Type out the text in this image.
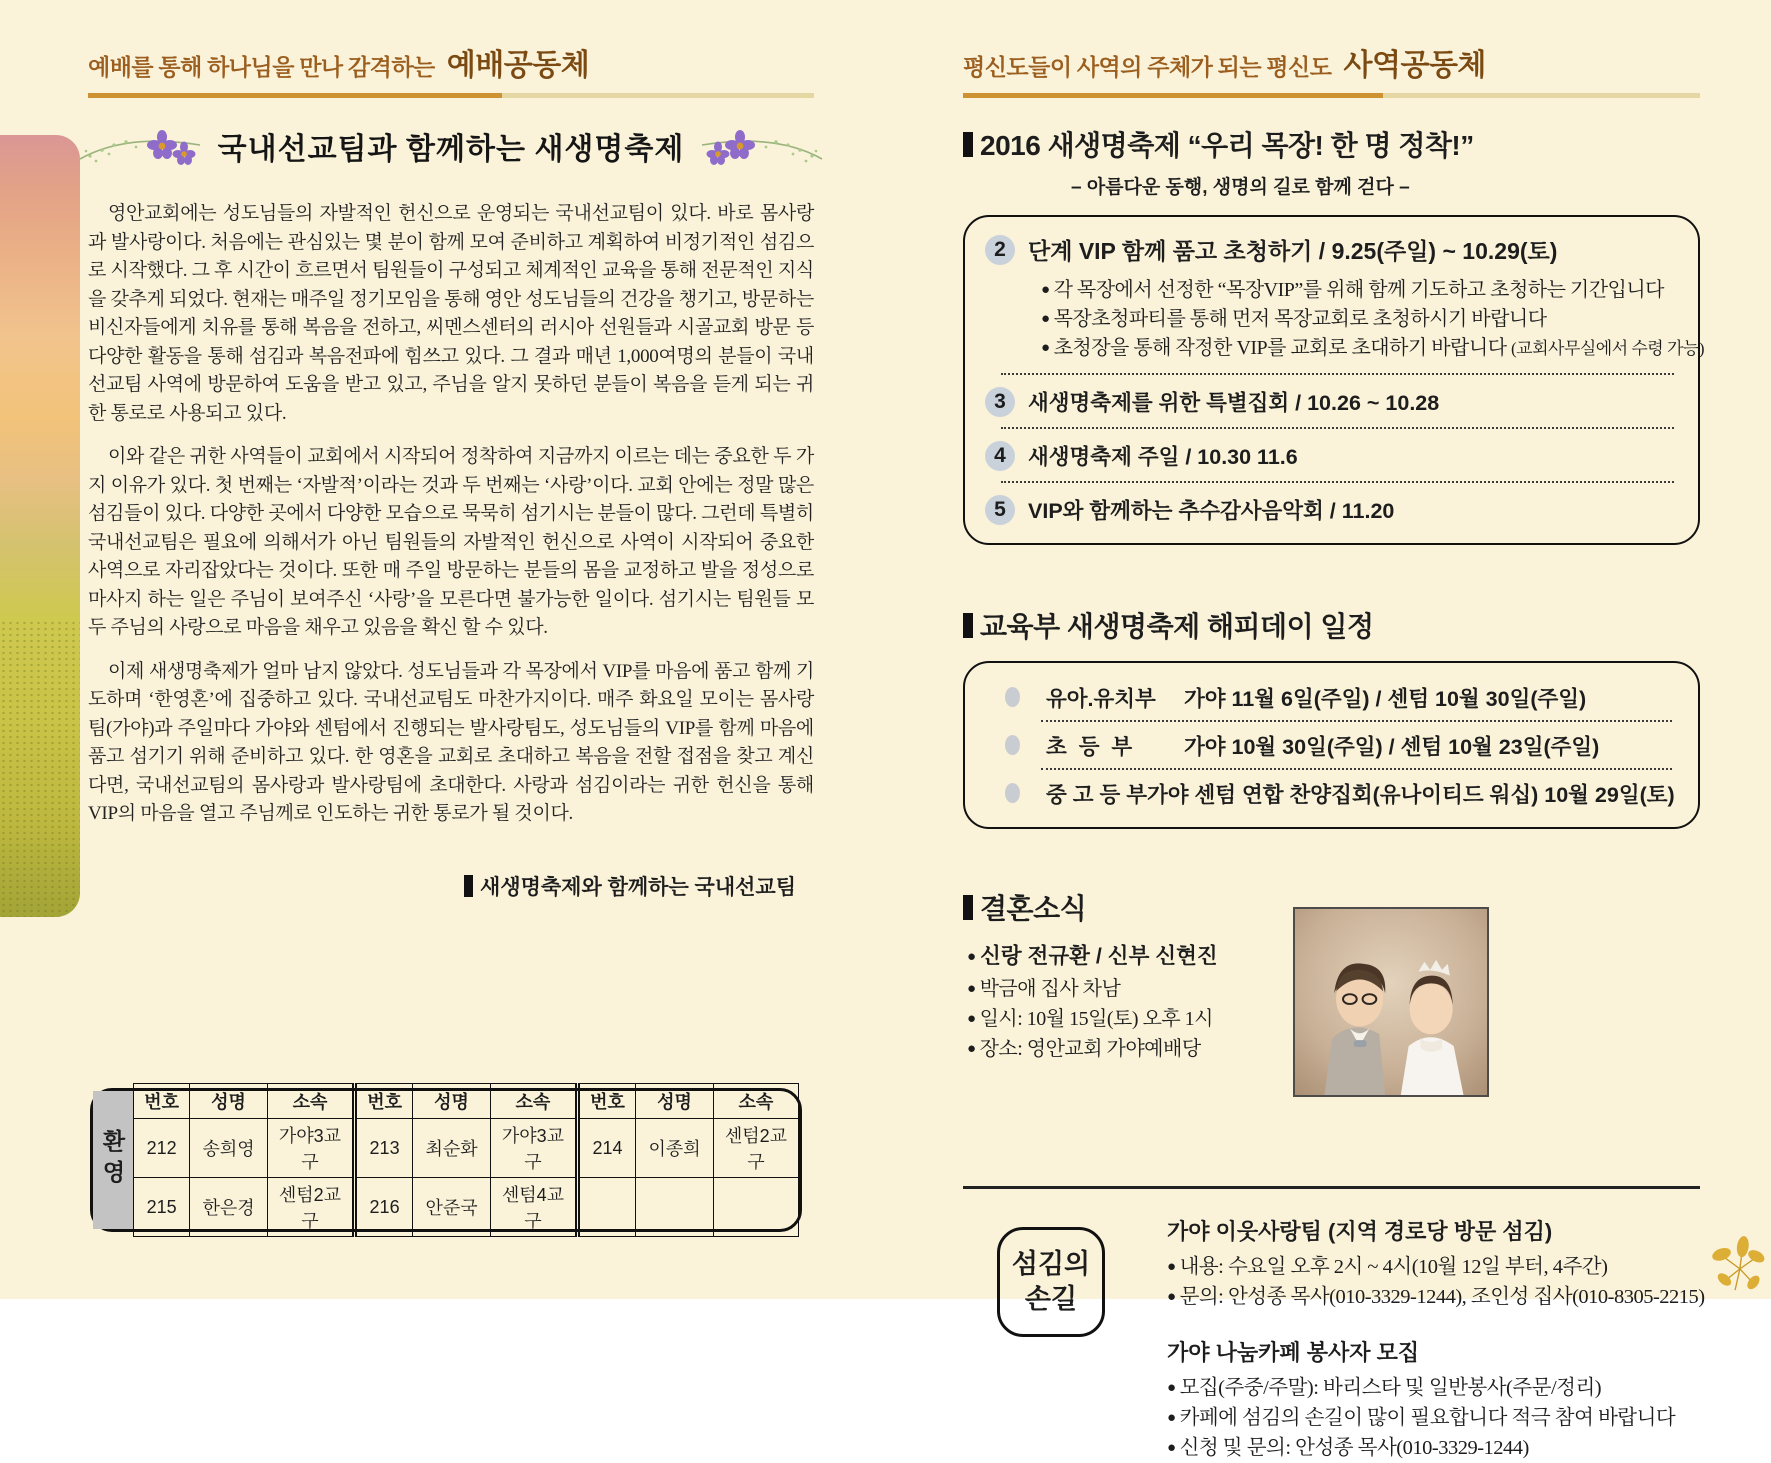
예배를 통해 하나님을 만나 감격하는 예배공동체
국내선교팀과 함께하는 새생명축제

영안교회에는 성도님들의 자발적인 헌신으로 운영되는 국내선교팀이 있다. 바로 몸사랑과 발사랑이다. 처음에는 관심있는 몇 분이 함께 모여 준비하고 계획하여 비정기적인 섬김으로 시작했다. 그 후 시간이 흐르면서 팀원들이 구성되고 체계적인 교육을 통해 전문적인 지식을 갖추게 되었다. 현재는 매주일 정기모임을 통해 영안 성도님들의 건강을 챙기고, 방문하는 비신자들에게 치유를 통해 복음을 전하고, 씨멘스센터의 러시아 선원들과 시골교회 방문 등 다양한 활동을 통해 섬김과 복음전파에 힘쓰고 있다. 그 결과 매년 1,000여명의 분들이 국내선교팀 사역에 방문하여 도움을 받고 있고, 주님을 알지 못하던 분들이 복음을 듣게 되는 귀한 통로로 사용되고 있다.

이와 같은 귀한 사역들이 교회에서 시작되어 정착하여 지금까지 이르는 데는 중요한 두 가지 이유가 있다. 첫 번째는 ‘자발적’이라는 것과 두 번째는 ‘사랑’이다. 교회 안에는 정말 많은 섬김들이 있다. 다양한 곳에서 다양한 모습으로 묵묵히 섬기시는 분들이 많다. 그런데 특별히 국내선교팀은 필요에 의해서가 아닌 팀원들의 자발적인 헌신으로 사역이 시작되어 중요한 사역으로 자리잡았다는 것이다. 또한 매 주일 방문하는 분들의 몸을 교정하고 발을 정성으로 마사지 하는 일은 주님이 보여주신 ‘사랑’을 모른다면 불가능한 일이다. 섬기시는 팀원들 모두 주님의 사랑으로 마음을 채우고 있음을 확신 할 수 있다.

이제 새생명축제가 얼마 남지 않았다. 성도님들과 각 목장에서 VIP를 마음에 품고 함께 기도하며 ‘한영혼’에 집중하고 있다. 국내선교팀도 마찬가지이다. 매주 화요일 모이는 몸사랑팀(가야)과 주일마다 가야와 센텀에서 진행되는 발사랑팀도, 성도님들의 VIP를 함께 마음에 품고 섬기기 위해 준비하고 있다. 한 영혼을 교회로 초대하고 복음을 전할 접점을 찾고 계신다면, 국내선교팀의 몸사랑과 발사랑팀에 초대한다. 사랑과 섬김이라는 귀한 헌신을 통해 VIP의 마음을 열고 주님께로 인도하는 귀한 통로가 될 것이다.

새생명축제와 함께하는 국내선교팀
환영
번호	성명	소속	번호	성명	소속	번호	성명	소속
212	송희영	가야3교구	213	최순화	가야3교구	214	이종희	센텀2교구
215	한은경	센텀2교구	216	안준국	센텀4교구			
평신도들이 사역의 주체가 되는 평신도 사역공동체
2016 새생명축제 “우리 목장! 한 명 정착!”
– 아름다운 동행, 생명의 길로 함께 걷다 –
2 단계 VIP 함께 품고 초청하기 / 9.25(주일) ~ 10.29(토)
● 각 목장에서 선정한 “목장VIP”를 위해 함께 기도하고 초청하는 기간입니다
● 목장초청파티를 통해 먼저 목장교회로 초청하시기 바랍니다
● 초청장을 통해 작정한 VIP를 교회로 초대하기 바랍니다 (교회사무실에서 수령 가능)
3	새생명축제를 위한 특별집회 / 10.26 ~ 10.28
4	새생명축제 주일 / 10.30 11.6
5	VIP와 함께하는 추수감사음악회 / 11.20
교육부 새생명축제 해피데이 일정
유아.유치부	가야 11월 6일(주일) / 센텀 10월 30일(주일)
초  등  부	가야 10월 30일(주일) / 센텀 10월 23일(주일)
중 고 등 부 가야 센텀 연합 찬양집회(유나이티드 워십) 10월 29일(토)
결혼소식
● 신랑 전규환 / 신부 신현진
● 박금애 집사 차남
● 일시: 10월 15일(토) 오후 1시
● 장소: 영안교회 가야예배당
섬김의
손길
가야 이웃사랑팀 (지역 경로당 방문 섬김)
● 내용: 수요일 오후 2시 ~ 4시(10월 12일 부터, 4주간)
● 문의: 안성종 목사(010-3329-1244), 조인성 집사(010-8305-2215)
가야 나눔카페 봉사자 모집
● 모집(주중/주말): 바리스타 및 일반봉사(주문/정리)
● 카페에 섬김의 손길이 많이 필요합니다 적극 참여 바랍니다
● 신청 및 문의: 안성종 목사(010-3329-1244)
